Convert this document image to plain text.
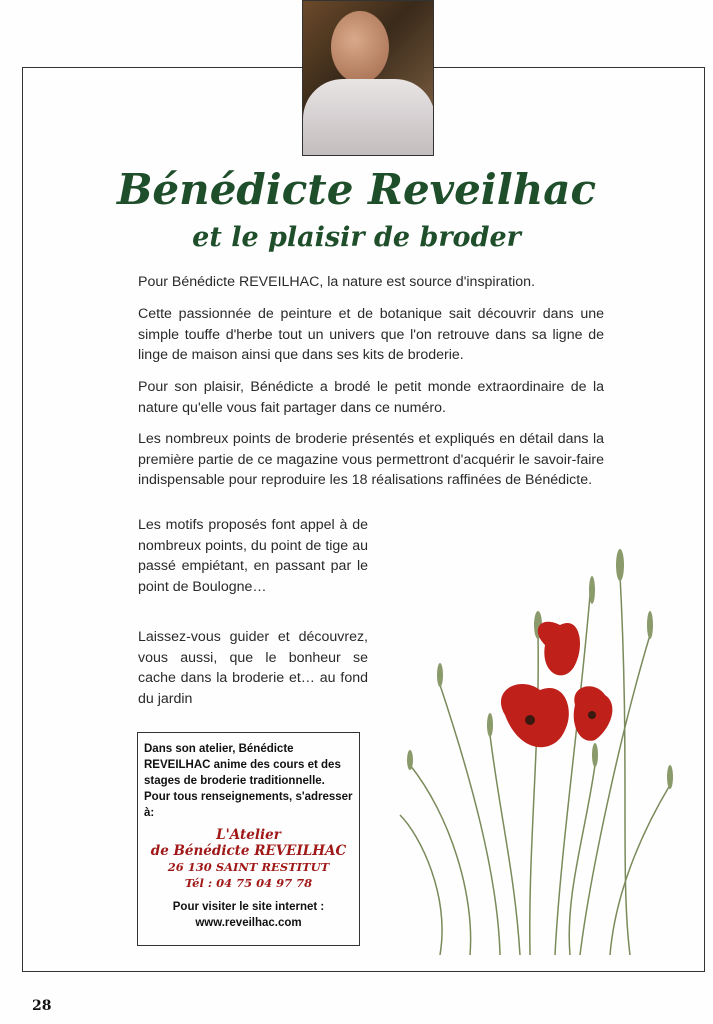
Bénédicte Reveilhac
et le plaisir de broder
Pour Bénédicte REVEILHAC, la nature est source d'inspiration.
Cette passionnée de peinture et de botanique sait découvrir dans une simple touffe d'herbe tout un univers que l'on retrouve dans sa ligne de linge de maison ainsi que dans ses kits de broderie.
Pour son plaisir, Bénédicte a brodé le petit monde extraordinaire de la nature qu'elle vous fait partager dans ce numéro.
Les nombreux points de broderie présentés et expliqués en détail dans la première partie de ce magazine vous permettront d'acquérir le savoir-faire indispensable pour reproduire les 18 réalisations raffinées de Bénédicte.
Les motifs proposés font appel à de nombreux points, du point de tige au passé empiétant, en passant par le point de Boulogne…
Laissez-vous guider et découvrez, vous aussi, que le bonheur se cache dans la broderie et… au fond du jardin
Dans son atelier, Bénédicte REVEILHAC anime des cours et des stages de broderie traditionnelle.
Pour tous renseignements, s'adresser à:
L'Atelier
de Bénédicte REVEILHAC
26 130 SAINT RESTITUT
Tél : 04 75 04 97 78
Pour visiter le site internet :
www.reveilhac.com
28
